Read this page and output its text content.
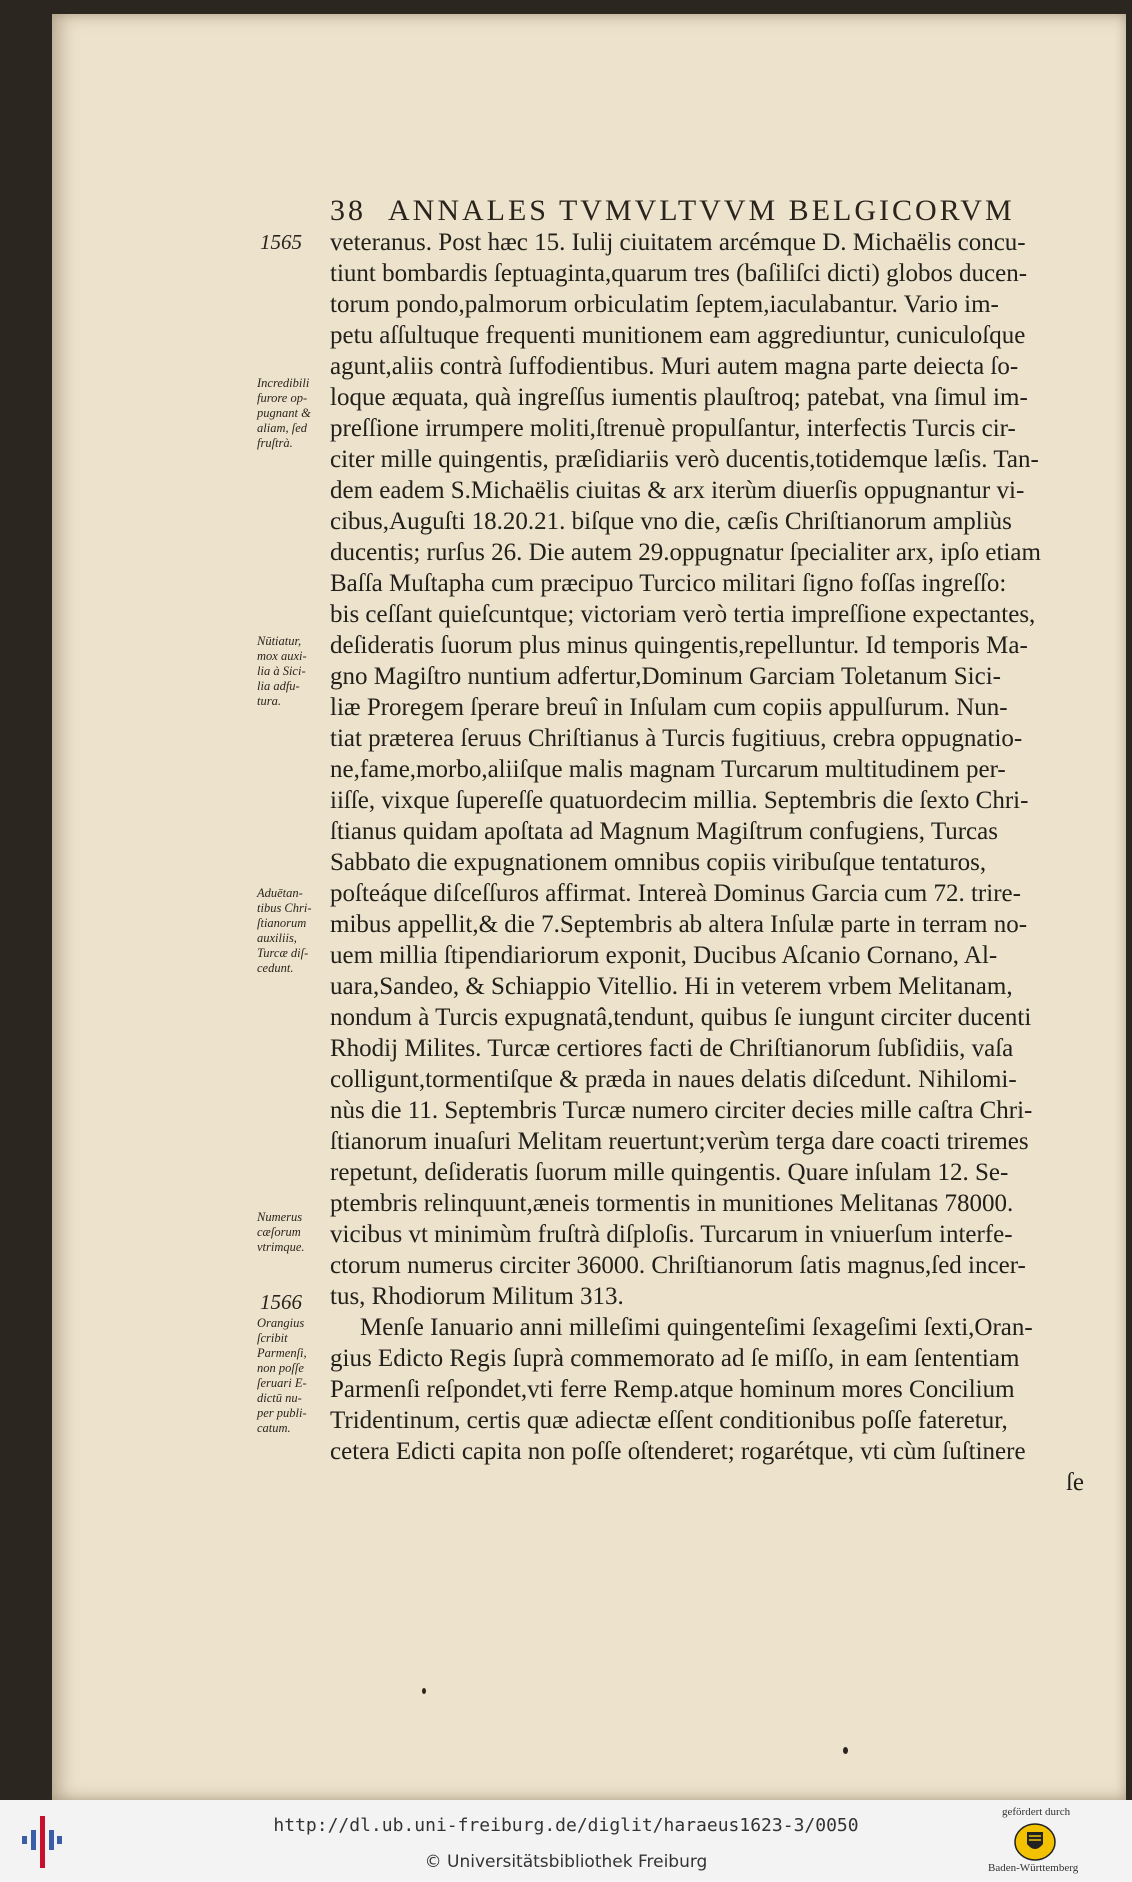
38 ANNALES TVMVLTVVM BELGICORVM
1565
Incredibili
furore op-
pugnant &
aliam, ſed
fruſtrà.
Nūtiatur,
mox auxi-
lia à Sici-
lia adfu-
tura.
Aduētan-
tibus Chri-
ſtianorum
auxiliis,
Turcæ diſ-
cedunt.
Numerus
cæſorum
vtrimque.
1566
Orangius
ſcribit
Parmenſi,
non poſſe
ſeruari E-
dictū nu-
per publi-
catum.
veteranus. Post hæc 15. Iulij ciuitatem arcémque D. Michaëlis concu-
tiunt bombardis ſeptuaginta,quarum tres (baſiliſci dicti) globos ducen-
torum pondo,palmorum orbiculatim ſeptem,iaculabantur. Vario im-
petu aſſultuque frequenti munitionem eam aggrediuntur, cuniculoſque
agunt,aliis contrà ſuffodientibus. Muri autem magna parte deiecta ſo-
loque æquata, quà ingreſſus iumentis plauſtroq; patebat, vna ſimul im-
preſſione irrumpere moliti,ſtrenuè propulſantur, interfectis Turcis cir-
citer mille quingentis, præſidiariis verò ducentis,totidemque læſis. Tan-
dem eadem S.Michaëlis ciuitas & arx iterùm diuerſis oppugnantur vi-
cibus,Auguſti 18.20.21. biſque vno die, cæſis Chriſtianorum ampliùs
ducentis; rurſus 26. Die autem 29.oppugnatur ſpecialiter arx, ipſo etiam
Baſſa Muſtapha cum præcipuo Turcico militari ſigno foſſas ingreſſo:
bis ceſſant quieſcuntque; victoriam verò tertia impreſſione expectantes,
deſideratis ſuorum plus minus quingentis,repelluntur. Id temporis Ma-
gno Magiſtro nuntium adfertur,Dominum Garciam Toletanum Sici-
liæ Proregem ſperare breuî in Inſulam cum copiis appulſurum. Nun-
tiat præterea ſeruus Chriſtianus à Turcis fugitiuus, crebra oppugnatio-
ne,fame,morbo,aliiſque malis magnam Turcarum multitudinem per-
iiſſe, vixque ſupereſſe quatuordecim millia. Septembris die ſexto Chri-
ſtianus quidam apoſtata ad Magnum Magiſtrum confugiens, Turcas
Sabbato die expugnationem omnibus copiis viribuſque tentaturos,
poſteáque diſceſſuros affirmat. Intereà Dominus Garcia cum 72. trire-
mibus appellit,& die 7.Septembris ab altera Inſulæ parte in terram no-
uem millia ſtipendiariorum exponit, Ducibus Aſcanio Cornano, Al-
uara,Sandeo, & Schiappio Vitellio. Hi in veterem vrbem Melitanam,
nondum à Turcis expugnatâ,tendunt, quibus ſe iungunt circiter ducenti
Rhodij Milites. Turcæ certiores facti de Chriſtianorum ſubſidiis, vaſa
colligunt,tormentiſque & præda in naues delatis diſcedunt. Nihilomi-
nùs die 11. Septembris Turcæ numero circiter decies mille caſtra Chri-
ſtianorum inuaſuri Melitam reuertunt;verùm terga dare coacti triremes
repetunt, deſideratis ſuorum mille quingentis. Quare inſulam 12. Se-
ptembris relinquunt,æneis tormentis in munitiones Melitanas 78000.
vicibus vt minimùm fruſtrà diſploſis. Turcarum in vniuerſum interfe-
ctorum numerus circiter 36000. Chriſtianorum ſatis magnus,ſed incer-
tus, Rhodiorum Militum 313.
Menſe Ianuario anni milleſimi quingenteſimi ſexageſimi ſexti,Oran-
gius Edicto Regis ſuprà commemorato ad ſe miſſo, in eam ſententiam
Parmenſi reſpondet,vti ferre Remp.atque hominum mores Concilium
Tridentinum, certis quæ adiectæ eſſent conditionibus poſſe fateretur,
cetera Edicti capita non poſſe oſtenderet; rogarétque, vti cùm ſuſtinere
ſe
http://dl.ub.uni-freiburg.de/diglit/haraeus1623-3/0050
© Universitätsbibliothek Freiburg
gefördert durch
Baden-Württemberg
